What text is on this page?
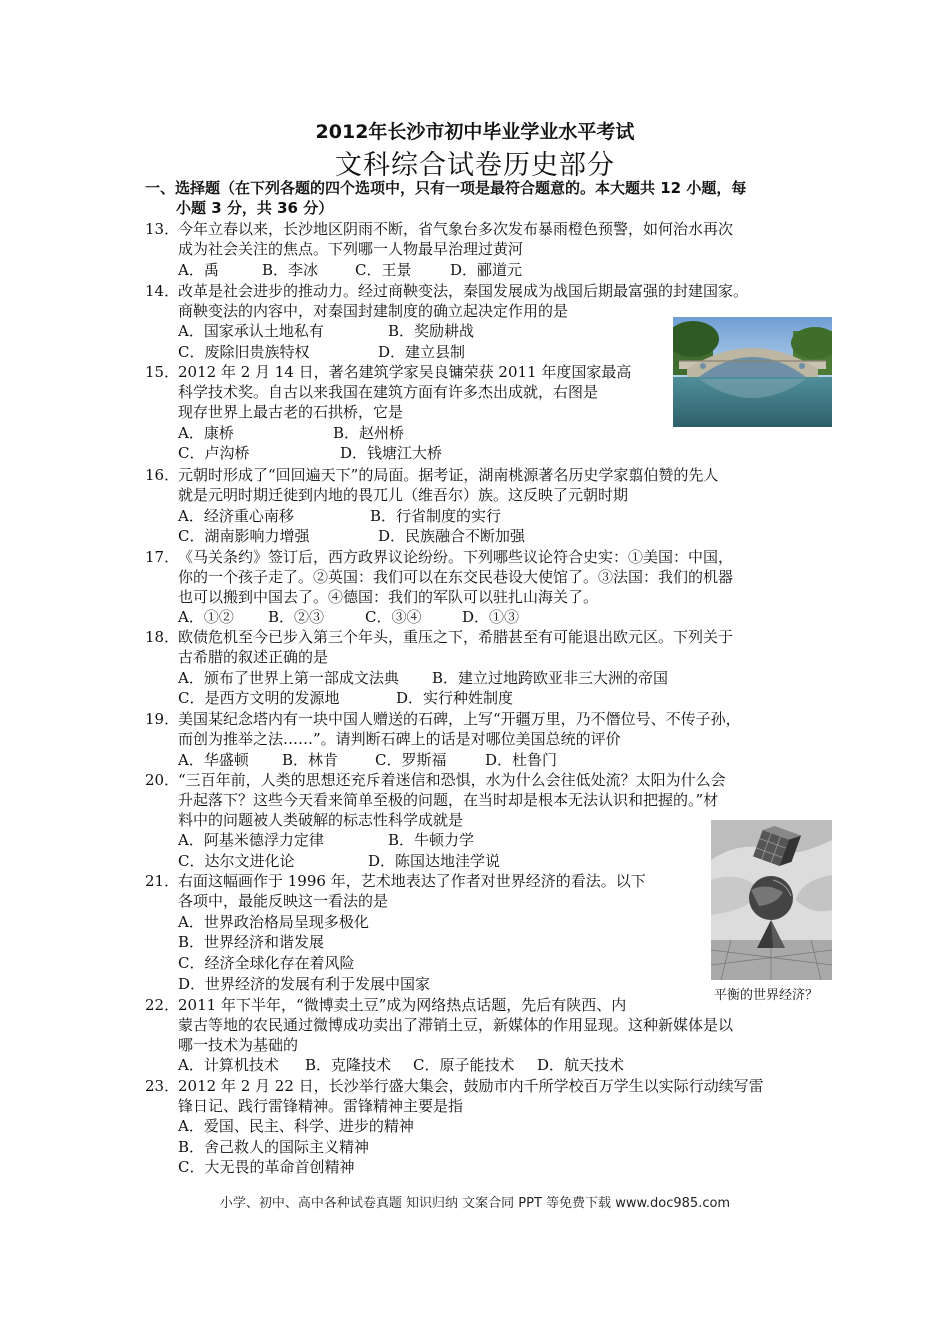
2012年长沙市初中毕业学业水平考试
文科综合试卷历史部分
一、选择题（在下列各题的四个选项中，只有一项是最符合题意的。本大题共 12 小题，每
小题 3 分，共 36 分）
13．
今年立春以来，长沙地区阴雨不断，省气象台多次发布暴雨橙色预警，如何治水再次
成为社会关注的焦点。下列哪一人物最早治理过黄河
A．禹	B．李冰 C．王景	D．郦道元
14．
改革是社会进步的推动力。经过商鞅变法，秦国发展成为战国后期最富强的封建国家。
商鞅变法的内容中，对秦国封建制度的确立起决定作用的是
A．国家承认土地私有	B．奖励耕战
C．废除旧贵族特权	D．建立县制
15．
2012 年 2 月 14 日，著名建筑学家吴良镛荣获 2011 年度国家最高
科学技术奖。自古以来我国在建筑方面有许多杰出成就，右图是
现存世界上最古老的石拱桥，它是
A．康桥	B．赵州桥
C．卢沟桥	D．钱塘江大桥
16．
元朝时形成了“回回遍天下”的局面。据考证，湖南桃源著名历史学家翦伯赞的先人
就是元明时期迁徙到内地的畏兀儿（维吾尔）族。这反映了元朝时期
A．经济重心南移	B．行省制度的实行
C．湖南影响力增强	D．民族融合不断加强
17．
《马关条约》签订后，西方政界议论纷纷。下列哪些议论符合史实：①美国：中国，
你的一个孩子走了。②英国：我们可以在东交民巷设大使馆了。③法国：我们的机器
也可以搬到中国去了。④德国：我们的军队可以驻扎山海关了。
A．①② B．②③	C．③④	D．①③
18．
欧债危机至今已步入第三个年头，重压之下，希腊甚至有可能退出欧元区。下列关于
古希腊的叙述正确的是
A．颁布了世界上第一部成文法典 B．建立过地跨欧亚非三大洲的帝国
C．是西方文明的发源地	D．实行种姓制度
19．
美国某纪念塔内有一块中国人赠送的石碑，上写“开疆万里，乃不僭位号、不传子孙，
而创为推举之法……”。请判断石碑上的话是对哪位美国总统的评价
A．华盛顿 B．林肯 C．罗斯福	D．杜鲁门
20．
“三百年前，人类的思想还充斥着迷信和恐惧，水为什么会往低处流？太阳为什么会
升起落下？这些今天看来简单至极的问题，在当时却是根本无法认识和把握的。”材
料中的问题被人类破解的标志性科学成就是
A．阿基米德浮力定律	B．牛顿力学
C．达尔文进化论	D．陈国达地洼学说
平衡的世界经济？
21．
右面这幅画作于 1996 年，艺术地表达了作者对世界经济的看法。以下
各项中，最能反映这一看法的是
A．世界政治格局呈现多极化
B．世界经济和谐发展
C．经济全球化存在着风险
D．世界经济的发展有利于发展中国家
22．
2011 年下半年，“微博卖土豆”成为网络热点话题，先后有陕西、内
蒙古等地的农民通过微博成功卖出了滞销土豆，新媒体的作用显现。这种新媒体是以
哪一技术为基础的
A．计算机技术 B．克隆技术 C．原子能技术 D．航天技术
23．
2012 年 2 月 22 日，长沙举行盛大集会，鼓励市内千所学校百万学生以实际行动续写雷
锋日记、践行雷锋精神。雷锋精神主要是指
A．爱国、民主、科学、进步的精神
B．舍己救人的国际主义精神
C．大无畏的革命首创精神
小学、初中、高中各种试卷真题 知识归纳 文案合同 PPT 等免费下载 www.doc985.com
